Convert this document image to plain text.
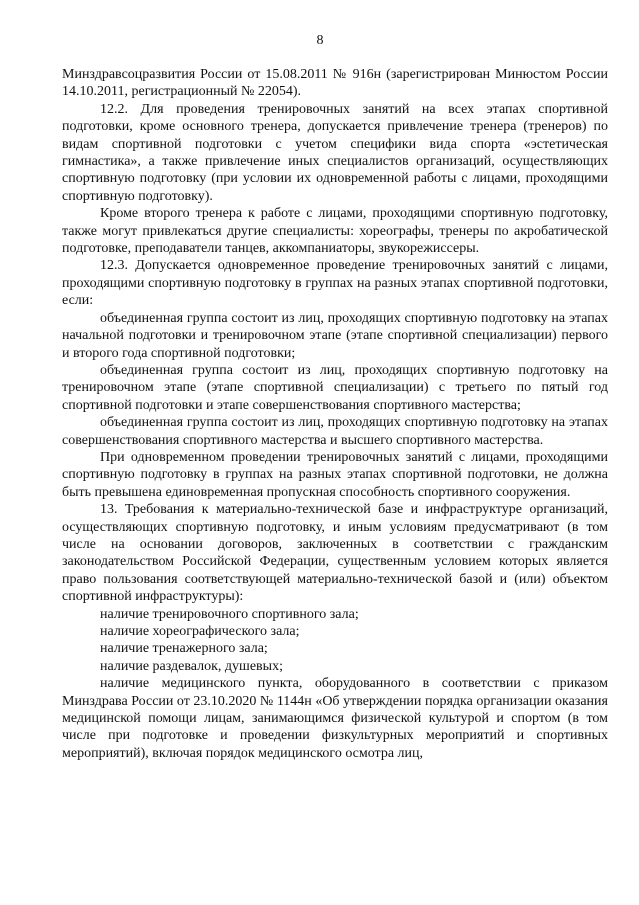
8

Минздравсоцразвития России от 15.08.2011 № 916н (зарегистрирован Минюстом России 14.10.2011, регистрационный № 22054).

12.2. Для проведения тренировочных занятий на всех этапах спортивной подготовки, кроме основного тренера, допускается привлечение тренера (тренеров) по видам спортивной подготовки с учетом специфики вида спорта «эстетическая гимнастика», а также привлечение иных специалистов организаций, осуществляющих спортивную подготовку (при условии их одновременной работы с лицами, проходящими спортивную подготовку).

Кроме второго тренера к работе с лицами, проходящими спортивную подготовку, также могут привлекаться другие специалисты: хореографы, тренеры по акробатической подготовке, преподаватели танцев, аккомпаниаторы, звукорежиссеры.

12.3. Допускается одновременное проведение тренировочных занятий с лицами, проходящими спортивную подготовку в группах на разных этапах спортивной подготовки, если:

объединенная группа состоит из лиц, проходящих спортивную подготовку на этапах начальной подготовки и тренировочном этапе (этапе спортивной специализации) первого и второго года спортивной подготовки;

объединенная группа состоит из лиц, проходящих спортивную подготовку на тренировочном этапе (этапе спортивной специализации) с третьего по пятый год спортивной подготовки и этапе совершенствования спортивного мастерства;

объединенная группа состоит из лиц, проходящих спортивную подготовку на этапах совершенствования спортивного мастерства и высшего спортивного мастерства.

При одновременном проведении тренировочных занятий с лицами, проходящими спортивную подготовку в группах на разных этапах спортивной подготовки, не должна быть превышена единовременная пропускная способность спортивного сооружения.

13. Требования к материально-технической базе и инфраструктуре организаций, осуществляющих спортивную подготовку, и иным условиям предусматривают (в том числе на основании договоров, заключенных в соответствии с гражданским законодательством Российской Федерации, существенным условием которых является право пользования соответствующей материально-технической базой и (или) объектом спортивной инфраструктуры):

наличие тренировочного спортивного зала;

наличие хореографического зала;

наличие тренажерного зала;

наличие раздевалок, душевых;

наличие медицинского пункта, оборудованного в соответствии с приказом Минздрава России от 23.10.2020 № 1144н «Об утверждении порядка организации оказания медицинской помощи лицам, занимающимся физической культурой и спортом (в том числе при подготовке и проведении физкультурных мероприятий и спортивных мероприятий), включая порядок медицинского осмотра лиц,
